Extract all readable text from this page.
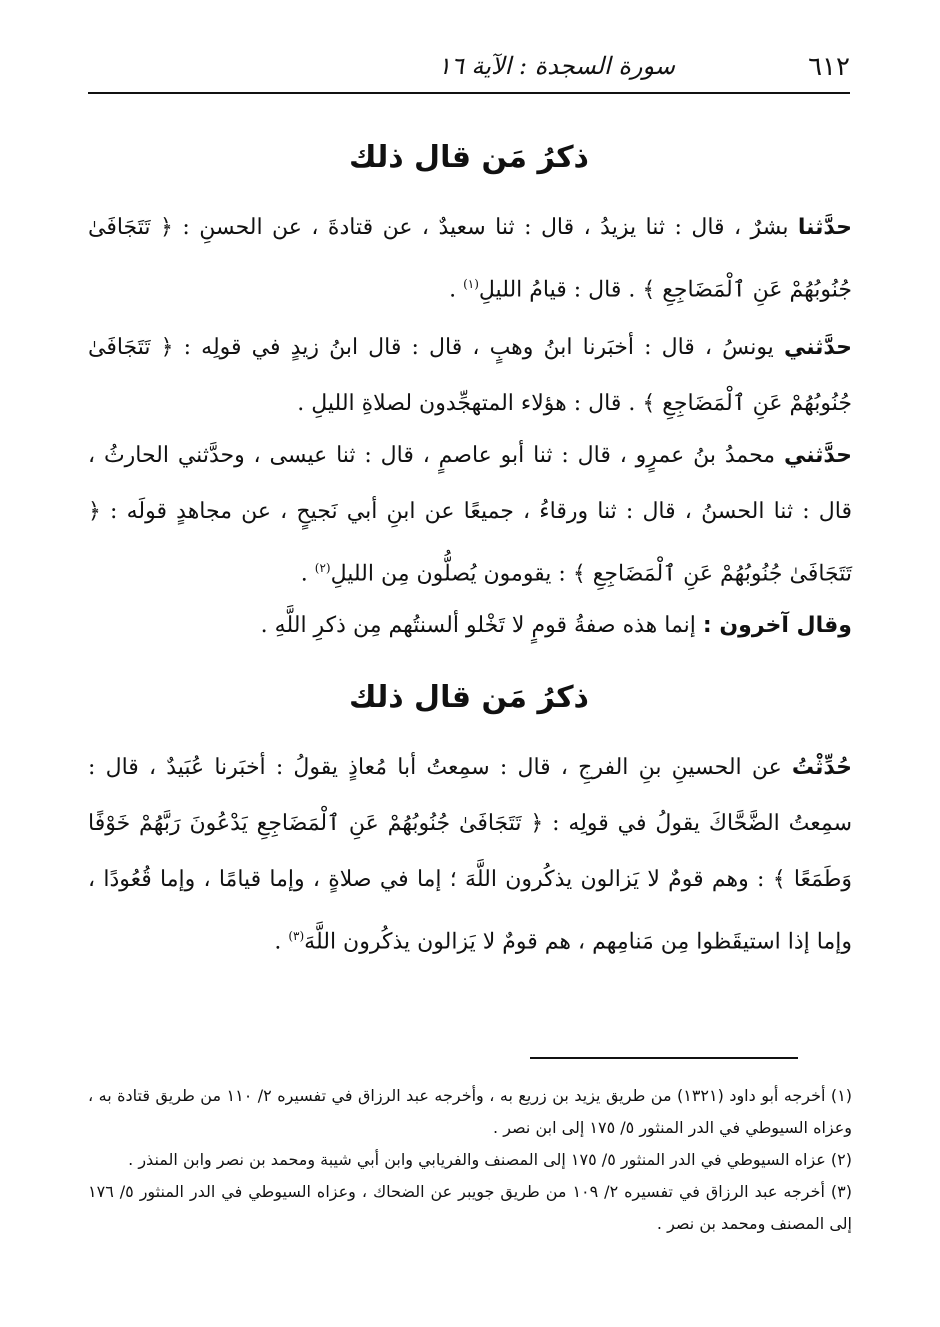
٦١٢
سورة السجدة : الآية ١٦
ذكرُ مَن قال ذلك
حدَّثنا بشرٌ ، قال : ثنا يزيدُ ، قال : ثنا سعيدٌ ، عن قتادةَ ، عن الحسنِ : ﴿ تَتَجَافَىٰ جُنُوبُهُمْ عَنِ ٱلْمَضَاجِعِ ﴾ . قال : قيامُ الليلِ$^{(١)}$ .
حدَّثني يونسُ ، قال : أخبَرنا ابنُ وهبٍ ، قال : قال ابنُ زيدٍ في قولِه : ﴿ تَتَجَافَىٰ جُنُوبُهُمْ عَنِ ٱلْمَضَاجِعِ ﴾ . قال : هؤلاء المتهجِّدون لصلاةِ الليلِ .
حدَّثني محمدُ بنُ عمرٍو ، قال : ثنا أبو عاصمٍ ، قال : ثنا عيسى ، وحدَّثني الحارثُ ، قال : ثنا الحسنُ ، قال : ثنا ورقاءُ ، جميعًا عن ابنِ أبي نَجيحٍ ، عن مجاهدٍ قولَه : ﴿ تَتَجَافَىٰ جُنُوبُهُمْ عَنِ ٱلْمَضَاجِعِ ﴾ : يقومون يُصلُّون مِن الليلِ$^{(٢)}$ .
وقال آخرون : إنما هذه صفةُ قومٍ لا تَخْلو ألسنتُهم مِن ذكرِ اللَّهِ .
ذكرُ مَن قال ذلك
حُدِّثْتُ عن الحسينِ بنِ الفرجِ ، قال : سمِعتُ أبا مُعاذٍ يقولُ : أخبَرنا عُبَيدٌ ، قال : سمِعتُ الضَّحَّاكَ يقولُ في قولِه : ﴿ تَتَجَافَىٰ جُنُوبُهُمْ عَنِ ٱلْمَضَاجِعِ يَدْعُونَ رَبَّهُمْ خَوْفًا وَطَمَعًا ﴾ : وهم قومٌ لا يَزالون يذكُرون اللَّهَ ؛ إما في صلاةٍ ، وإما قيامًا ، وإما قُعُودًا ، وإما إذا استيقَظوا مِن مَنامِهم ، هم قومٌ لا يَزالون يذكُرون اللَّهَ$^{(٣)}$ .

(١) أخرجه أبو داود (١٣٢١) من طريق يزيد بن زريع به ، وأخرجه عبد الرزاق في تفسيره ٢/ ١١٠ من طريق قتادة به ، وعزاه السيوطي في الدر المنثور ٥/ ١٧٥ إلى ابن نصر .

(٢) عزاه السيوطي في الدر المنثور ٥/ ١٧٥ إلى المصنف والفريابي وابن أبي شيبة ومحمد بن نصر وابن المنذر .

(٣) أخرجه عبد الرزاق في تفسيره ٢/ ١٠٩ من طريق جويبر عن الضحاك ، وعزاه السيوطي في الدر المنثور ٥/ ١٧٦ إلى المصنف ومحمد بن نصر .
